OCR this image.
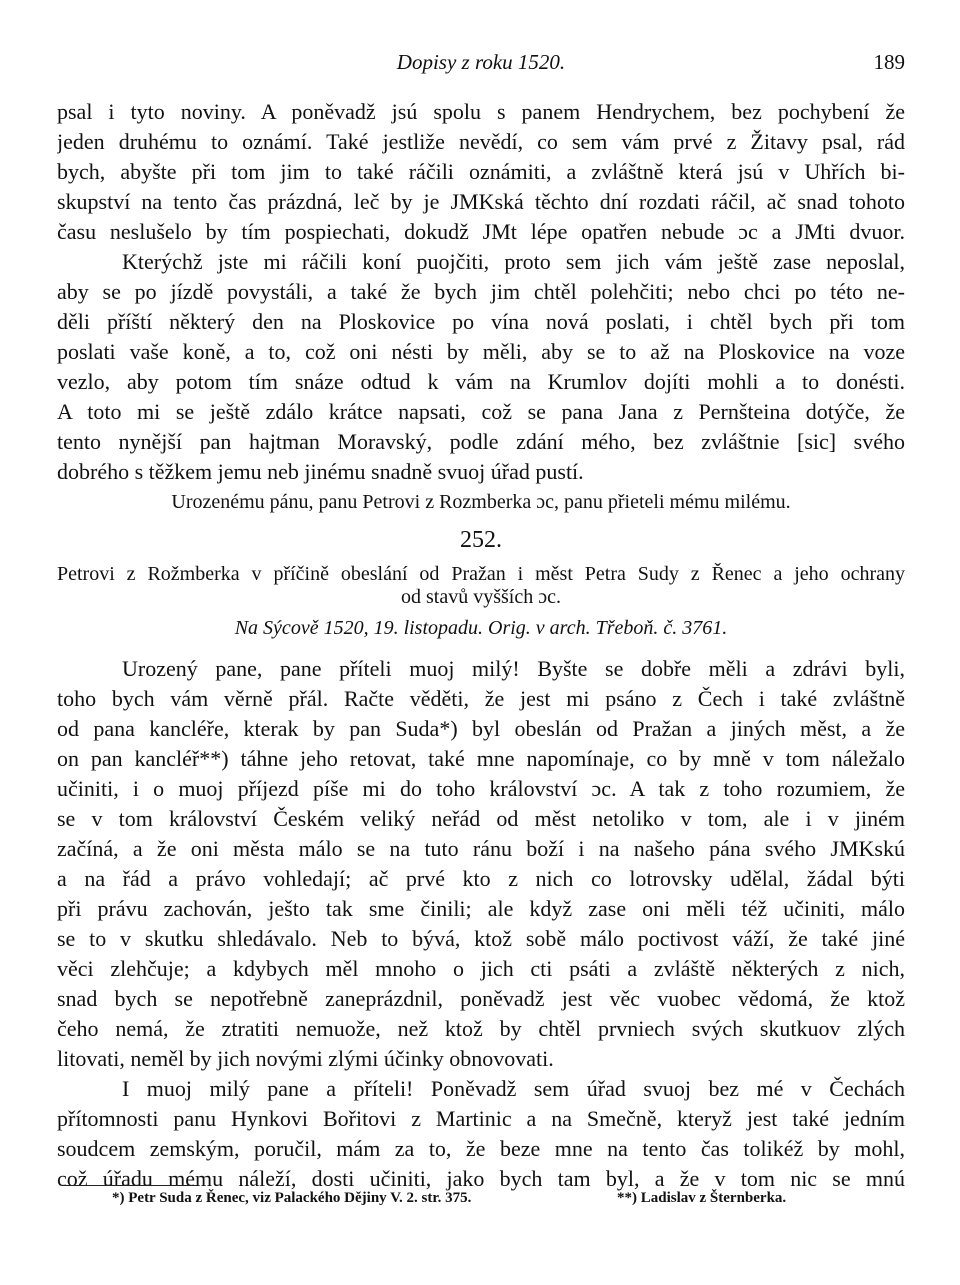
Dopisy z roku 1520.	189
psal i tyto noviny. A poněvadž jsú spolu s panem Hendrychem, bez pochybení že
jeden druhému to oznámí. Také jestliže nevědí, co sem vám prvé z Žitavy psal, rád
bych, abyšte při tom jim to také ráčili oznámiti, a zvláštně která jsú v Uhřích bi-
skupství na tento čas prázdná, leč by je JMKská těchto dní rozdati ráčil, ač snad tohoto
času neslušelo by tím pospiechati, dokudž JMt lépe opatřen nebude ɔc a JMti dvuor.
Kterýchž jste mi ráčili koní puojčiti, proto sem jich vám ještě zase neposlal,
aby se po jízdě povystáli, a také že bych jim chtěl polehčiti; nebo chci po této ne-
děli příští některý den na Ploskovice po vína nová poslati, i chtěl bych při tom
poslati vaše koně, a to, což oni nésti by měli, aby se to až na Ploskovice na voze
vezlo, aby potom tím snáze odtud k vám na Krumlov dojíti mohli a to donésti.
A toto mi se ještě zdálo krátce napsati, což se pana Jana z Pernšteina dotýče, že
tento nynější pan hajtman Moravský, podle zdání mého, bez zvláštnie [sic] svého
dobrého s těžkem jemu neb jinému snadně svuoj úřad pustí.
Urozenému pánu, panu Petrovi z Rozmberka ɔc, panu přieteli mému milému.
252.
Petrovi z Rožmberka v příčině obeslání od Pražan i měst Petra Sudy z Řenec a jeho ochrany
od stavů vyšších ɔc.
Na Sýcově 1520, 19. listopadu. Orig. v arch. Třeboň. č. 3761.
Urozený pane, pane příteli muoj milý! Byšte se dobře měli a zdrávi byli,
toho bych vám věrně přál. Račte věděti, že jest mi psáno z Čech i také zvláštně
od pana kancléře, kterak by pan Suda*) byl obeslán od Pražan a jiných měst, a že
on pan kancléř**) táhne jeho retovat, také mne napomínaje, co by mně v tom náležalo
učiniti, i o muoj příjezd píše mi do toho království ɔc. A tak z toho rozumiem, že
se v tom království Českém veliký neřád od měst netoliko v tom, ale i v jiném
začíná, a že oni města málo se na tuto ránu boží i na našeho pána svého JMKskú
a na řád a právo vohledají; ač prvé kto z nich co lotrovsky udělal, žádal býti
při právu zachován, ješto tak sme činili; ale když zase oni měli též učiniti, málo
se to v skutku shledávalo. Neb to bývá, ktož sobě málo poctivost váží, že také jiné
věci zlehčuje; a kdybych měl mnoho o jich cti psáti a zvláště některých z nich,
snad bych se nepotřebně zaneprázdnil, poněvadž jest věc vuobec vědomá, že ktož
čeho nemá, že ztratiti nemuože, než ktož by chtěl prvniech svých skutkuov zlých
litovati, neměl by jich novými zlými účinky obnovovati.
I muoj milý pane a příteli! Poněvadž sem úřad svuoj bez mé v Čechách
přítomnosti panu Hynkovi Bořitovi z Martinic a na Smečně, kteryž jest také jedním
soudcem zemským, poručil, mám za to, že beze mne na tento čas tolikéž by mohl,
což úřadu mému náleží, dosti učiniti, jako bych tam byl, a že v tom nic se mnú
*) Petr Suda z Řenec, viz Palackého Dějiny V. 2. str. 375.	**) Ladislav z Šternberka.
